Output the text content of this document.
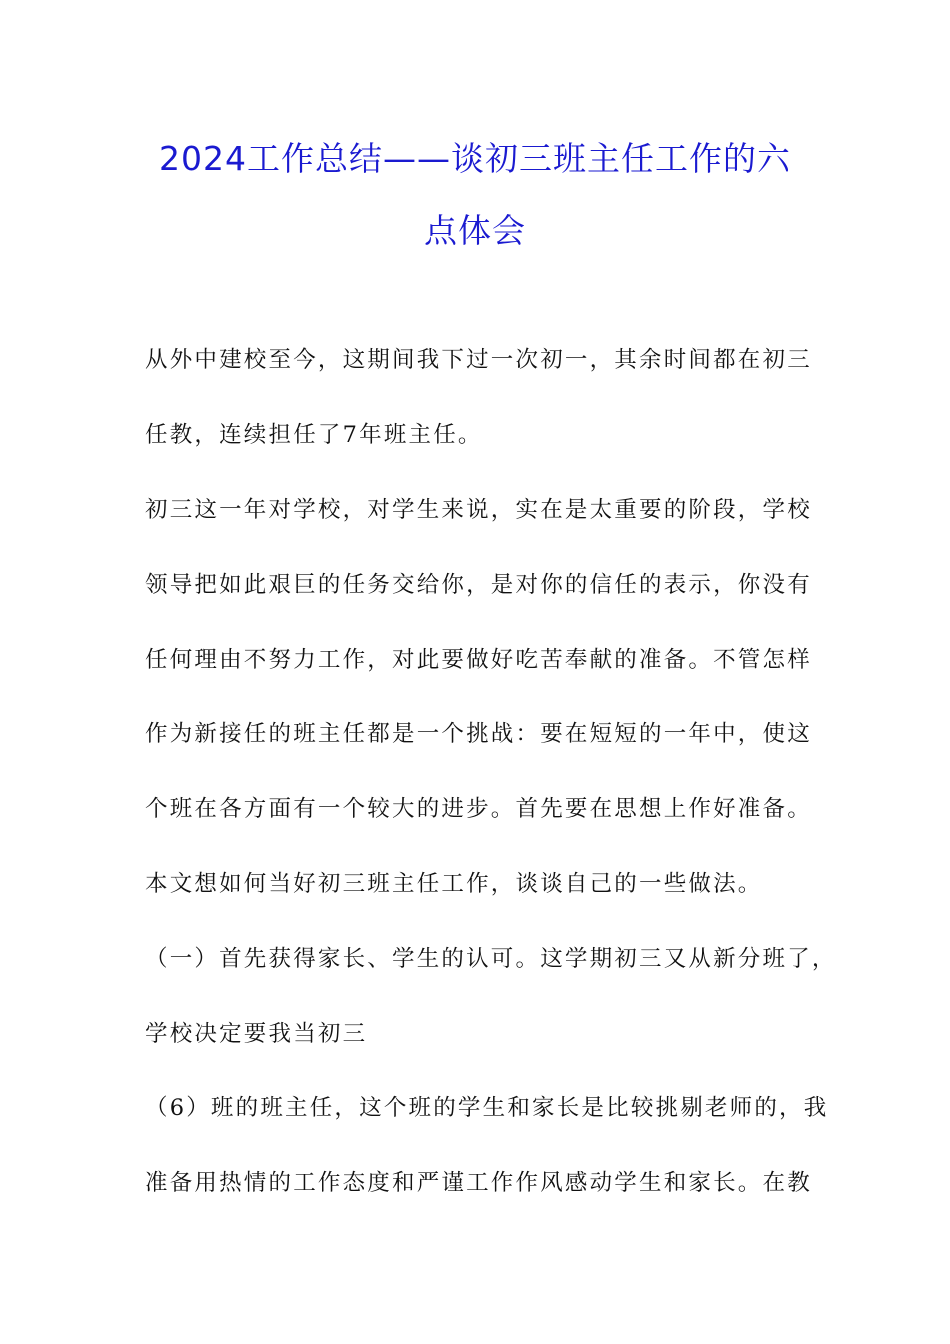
2024工作总结——谈初三班主任工作的六
点体会
从外中建校至今，这期间我下过一次初一，其余时间都在初三
任教，连续担任了7年班主任。
初三这一年对学校，对学生来说，实在是太重要的阶段，学校
领导把如此艰巨的任务交给你，是对你的信任的表示，你没有
任何理由不努力工作，对此要做好吃苦奉献的准备。不管怎样
作为新接任的班主任都是一个挑战：要在短短的一年中，使这
个班在各方面有一个较大的进步。首先要在思想上作好准备。
本文想如何当好初三班主任工作，谈谈自己的一些做法。
（一）首先获得家长、学生的认可。这学期初三又从新分班了，
学校决定要我当初三
（6）班的班主任，这个班的学生和家长是比较挑剔老师的，我
准备用热情的工作态度和严谨工作作风感动学生和家长。在教
